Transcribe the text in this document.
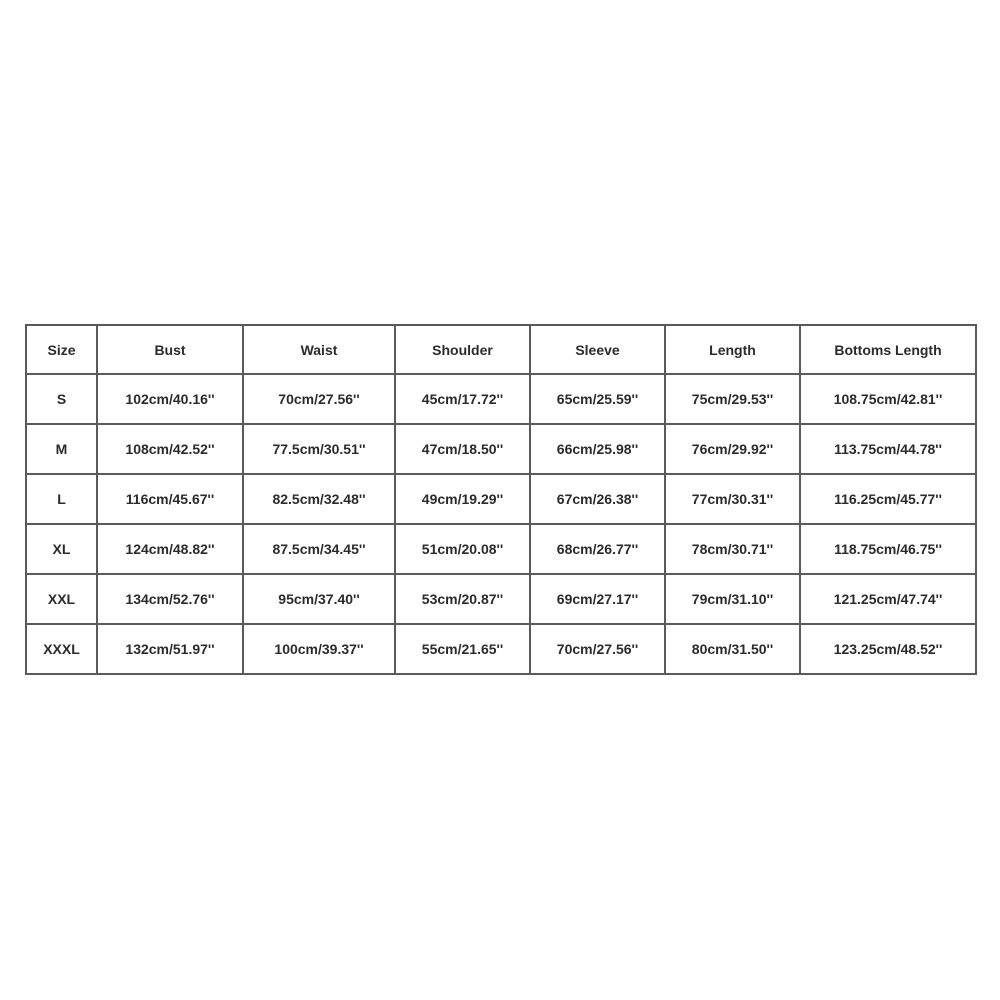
Size	Bust	Waist	Shoulder	Sleeve	Length	Bottoms Length
S	102cm/40.16''	70cm/27.56''	45cm/17.72''	65cm/25.59''	75cm/29.53''	108.75cm/42.81''
M	108cm/42.52''	77.5cm/30.51''	47cm/18.50''	66cm/25.98''	76cm/29.92''	113.75cm/44.78''
L	116cm/45.67''	82.5cm/32.48''	49cm/19.29''	67cm/26.38''	77cm/30.31''	116.25cm/45.77''
XL	124cm/48.82''	87.5cm/34.45''	51cm/20.08''	68cm/26.77''	78cm/30.71''	118.75cm/46.75''
XXL	134cm/52.76''	95cm/37.40''	53cm/20.87''	69cm/27.17''	79cm/31.10''	121.25cm/47.74''
XXXL	132cm/51.97''	100cm/39.37''	55cm/21.65''	70cm/27.56''	80cm/31.50''	123.25cm/48.52''
